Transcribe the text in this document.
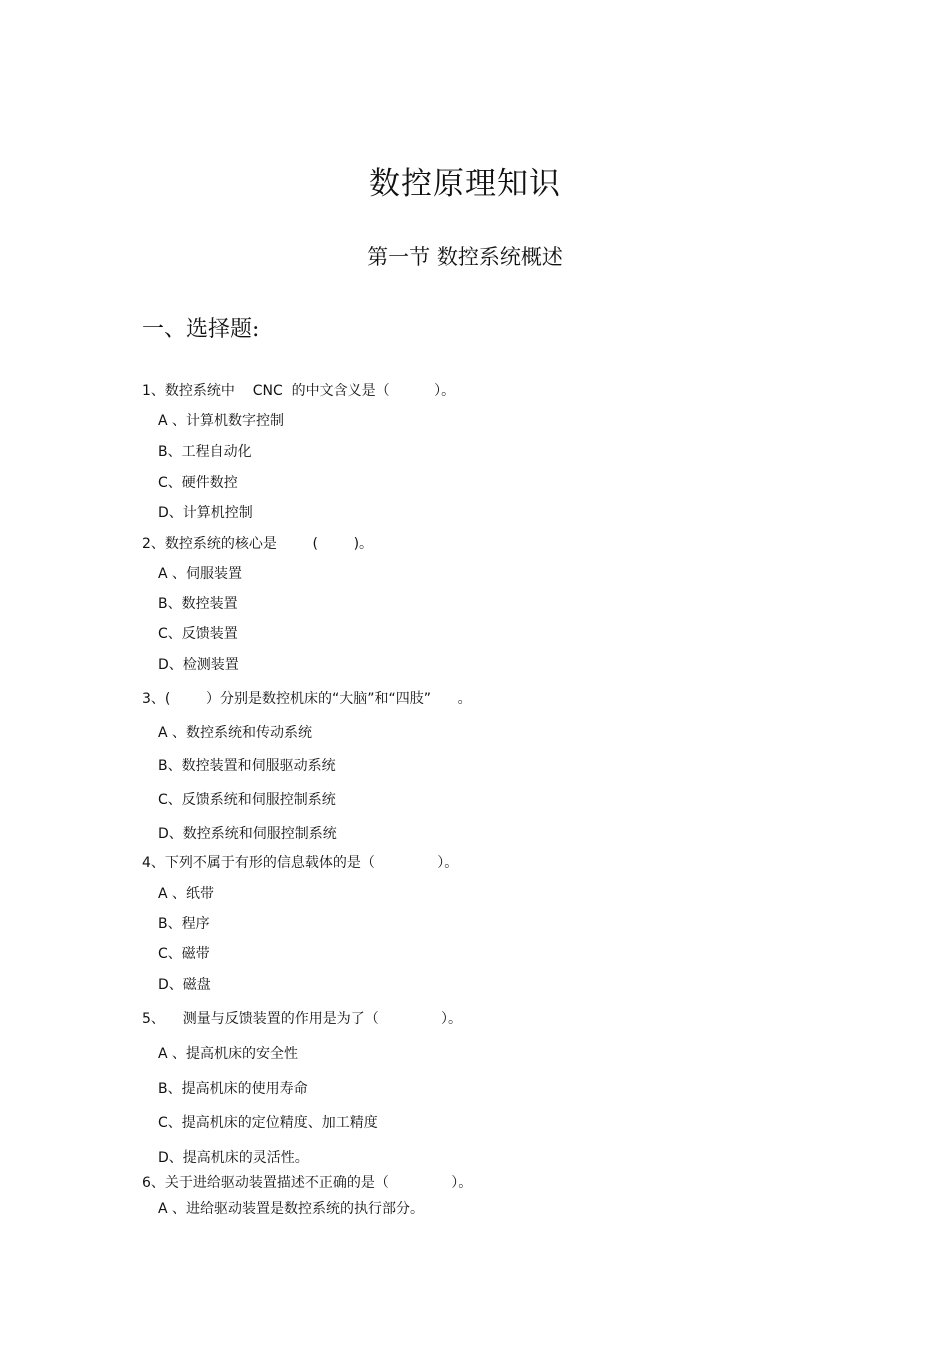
数控原理知识
第一节 数控系统概述
一、选择题:
1、数控系统中    CNC  的中文含义是（          ）。
A 、计算机数字控制
B、工程自动化
C、硬件数控
D、计算机控制
2、数控系统的核心是        (        )。
A 、伺服装置
B、数控装置
C、反馈装置
D、检测装置
3、(        ）分别是数控机床的“大脑”和“四肢”      。
A 、数控系统和传动系统
B、数控装置和伺服驱动系统
C、反馈系统和伺服控制系统
D、数控系统和伺服控制系统
4、下列不属于有形的信息载体的是（              ）。
A 、纸带
B、程序
C、磁带
D、磁盘
5、    测量与反馈装置的作用是为了（              ）。
A 、提高机床的安全性
B、提高机床的使用寿命
C、提高机床的定位精度、加工精度
D、提高机床的灵活性。
6、关于进给驱动装置描述不正确的是（              ）。
A 、进给驱动装置是数控系统的执行部分。
